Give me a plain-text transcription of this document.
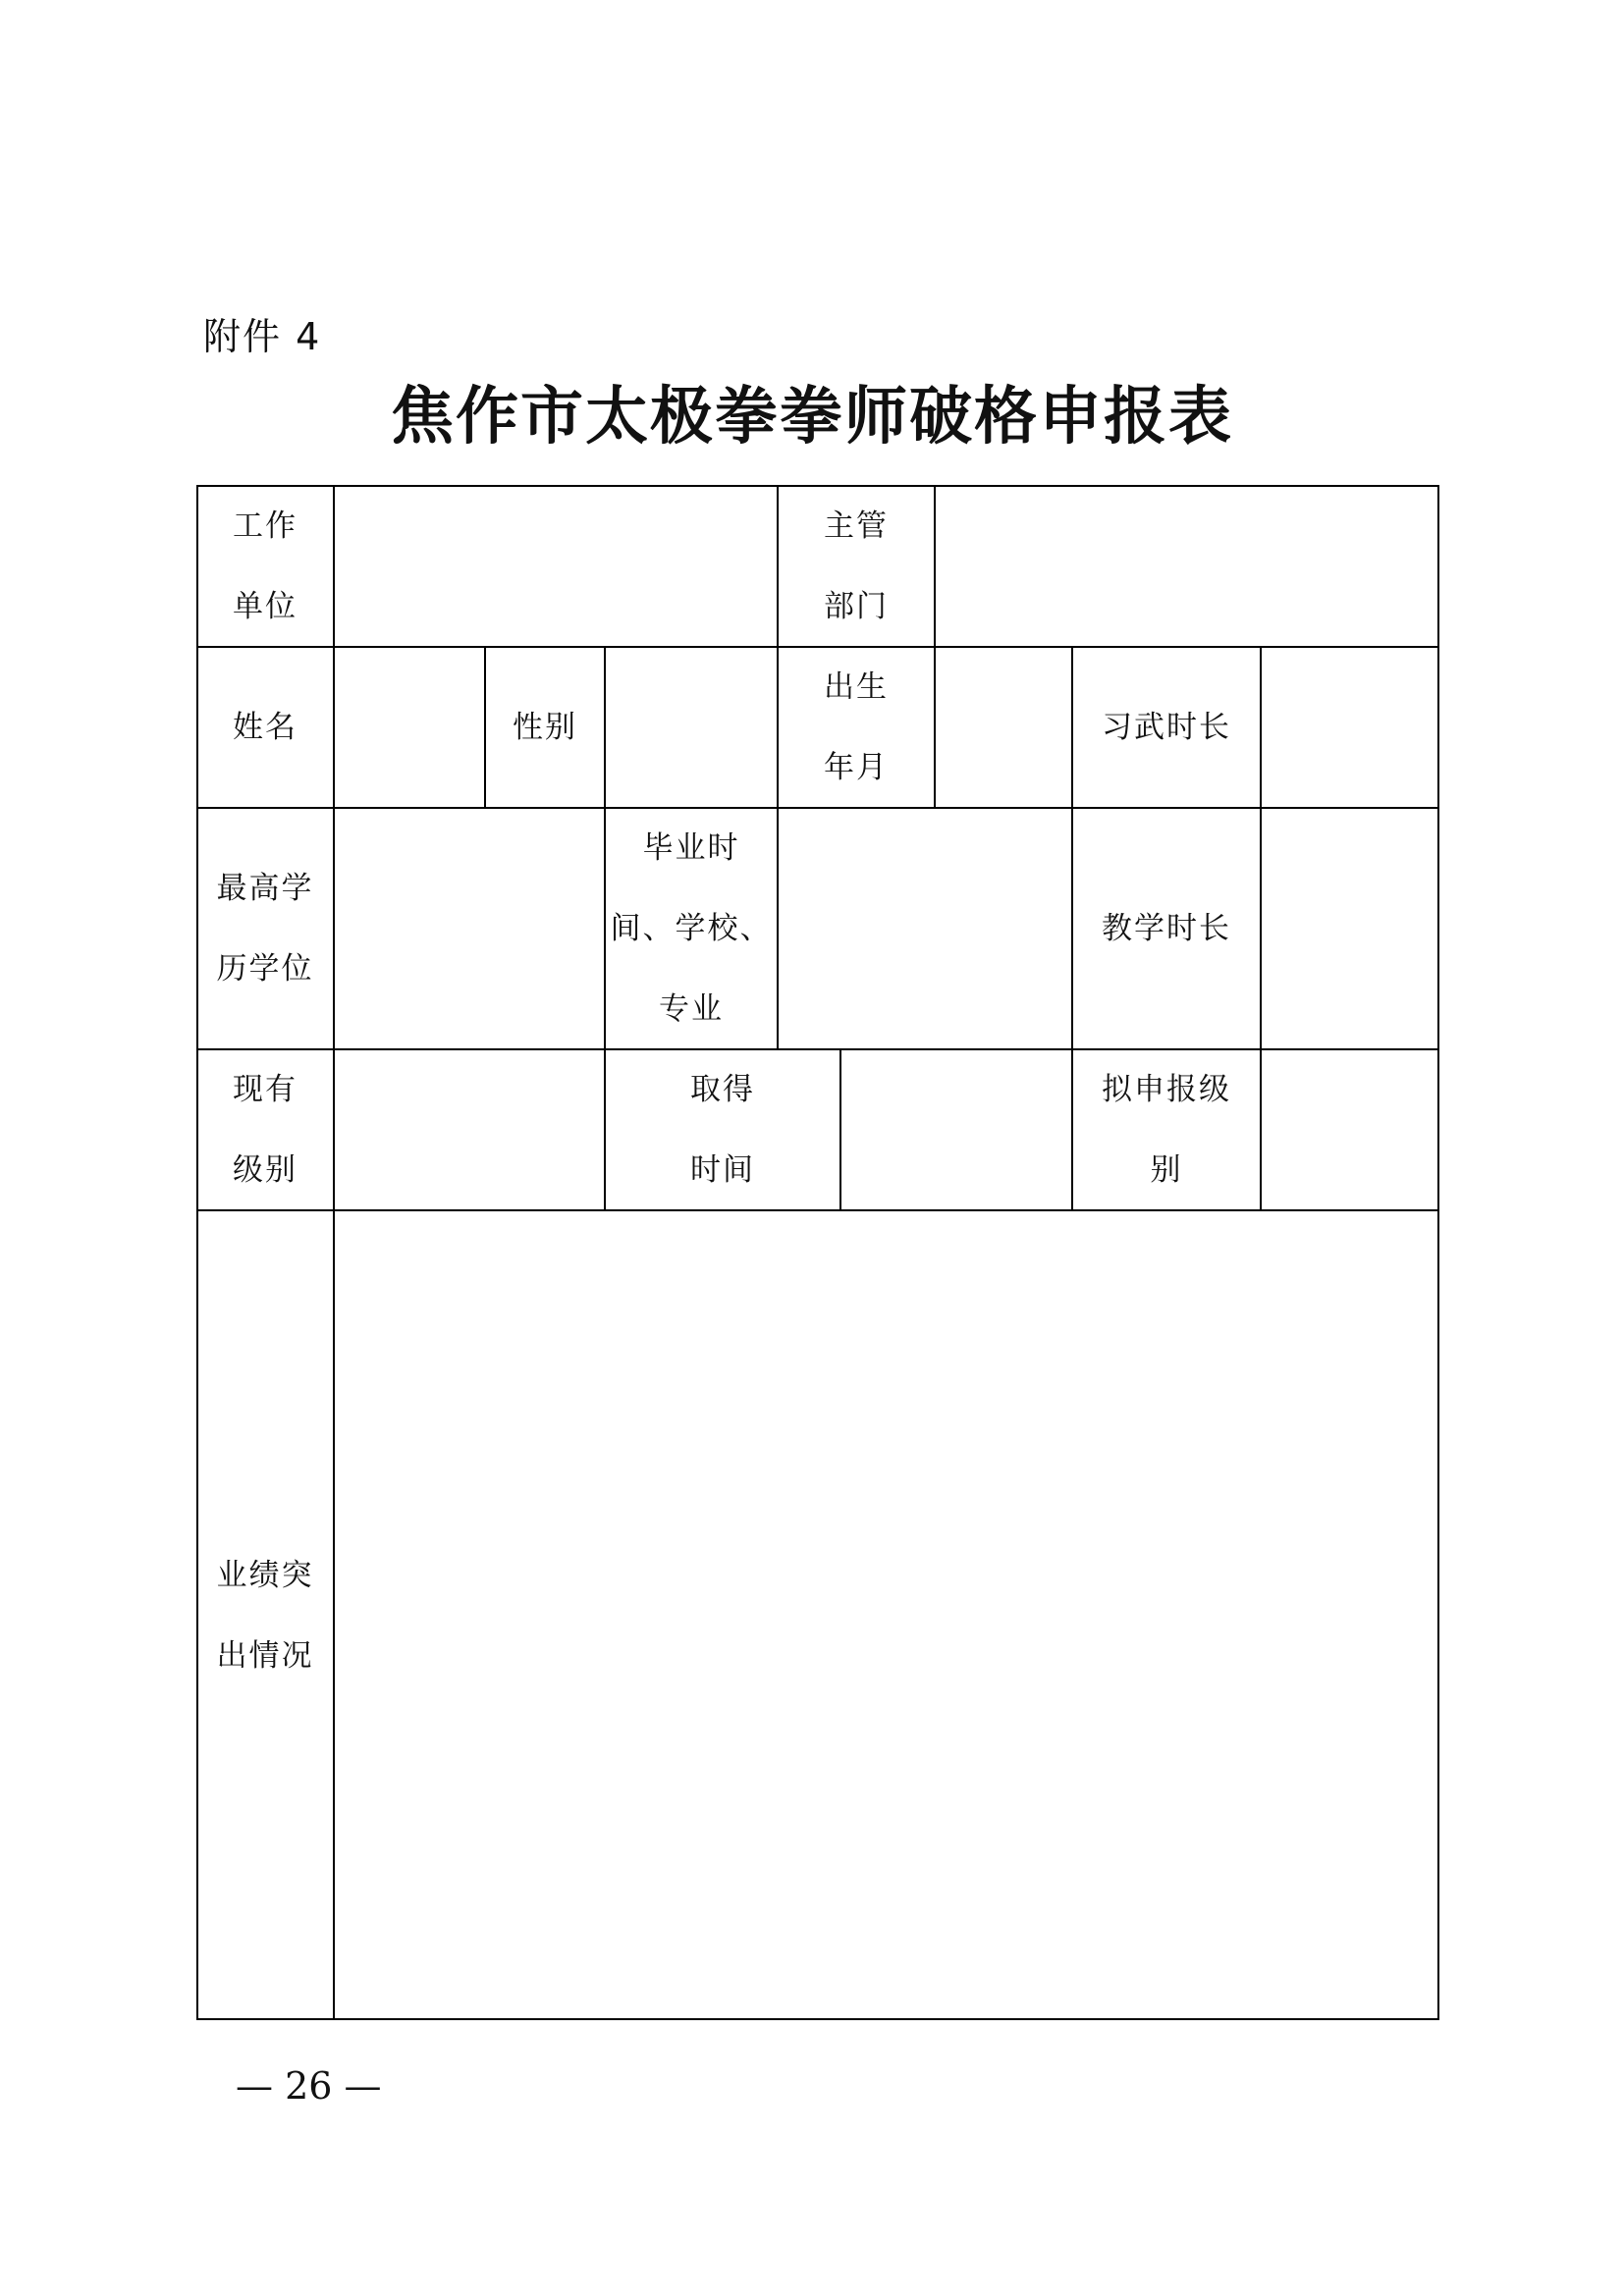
附件 4
焦作市太极拳拳师破格申报表
工作
单位
主管
部门
姓名	性别
出生
年月
习武时长
最高学
历学位
毕业时
间、学校、
专业
教学时长
现有
级别
取得
时间
拟申报级
别
业绩突
出情况
— 26 —
